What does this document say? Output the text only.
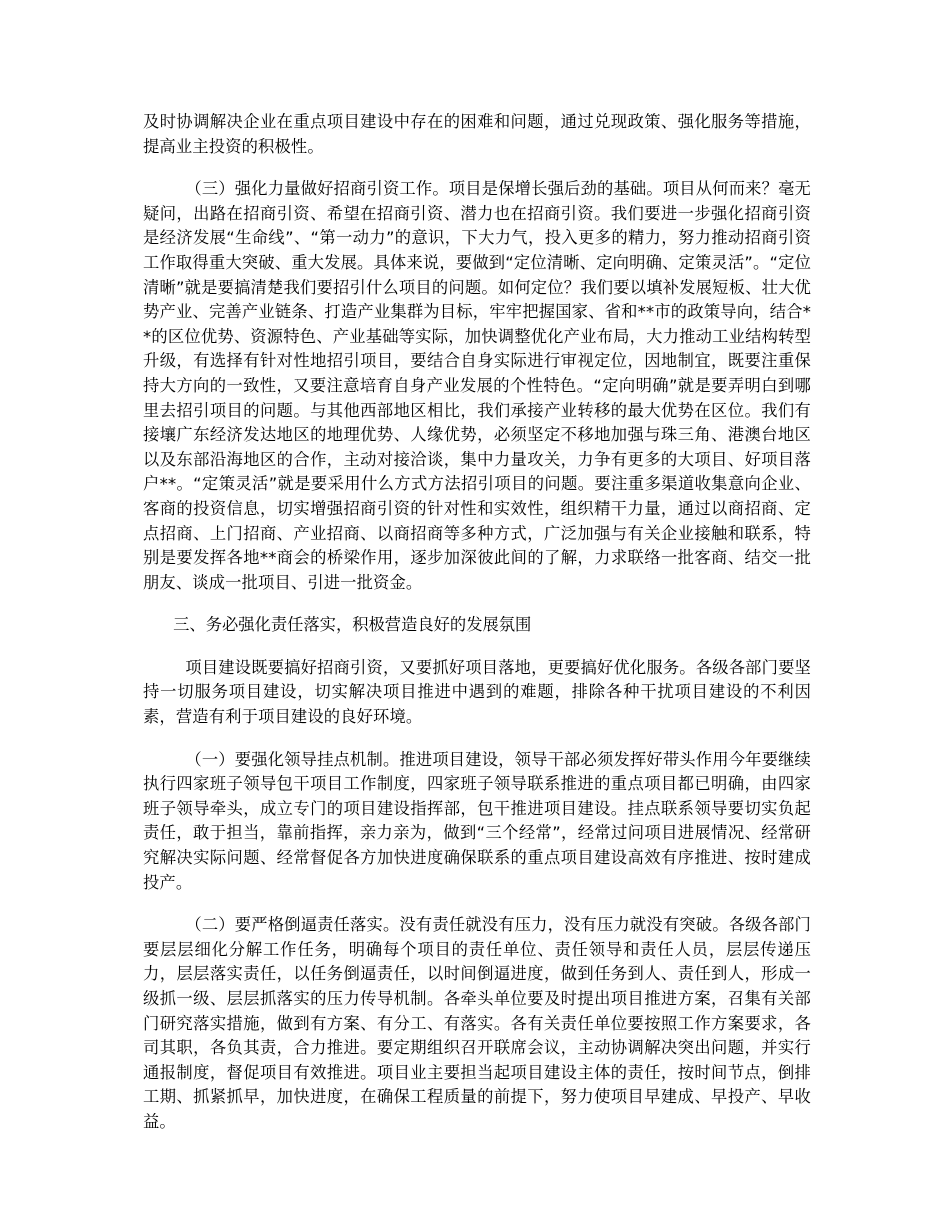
及时协调解决企业在重点项目建设中存在的困难和问题，通过兑现政策、强化服务等措施，提高业主投资的积极性。

（三）强化力量做好招商引资工作。项目是保增长强后劲的基础。项目从何而来？毫无疑问，出路在招商引资、希望在招商引资、潜力也在招商引资。我们要进一步强化招商引资是经济发展“生命线”、“第一动力”的意识，下大力气，投入更多的精力，努力推动招商引资工作取得重大突破、重大发展。具体来说，要做到“定位清晰、定向明确、定策灵活”。“定位清晰”就是要搞清楚我们要招引什么项目的问题。如何定位？我们要以填补发展短板、壮大优势产业、完善产业链条、打造产业集群为目标，牢牢把握国家、省和**市的政策导向，结合**的区位优势、资源特色、产业基础等实际，加快调整优化产业布局，大力推动工业结构转型升级，有选择有针对性地招引项目，要结合自身实际进行审视定位，因地制宜，既要注重保持大方向的一致性，又要注意培育自身产业发展的个性特色。“定向明确”就是要弄明白到哪里去招引项目的问题。与其他西部地区相比，我们承接产业转移的最大优势在区位。我们有接壤广东经济发达地区的地理优势、人缘优势，必须坚定不移地加强与珠三角、港澳台地区以及东部沿海地区的合作，主动对接洽谈，集中力量攻关，力争有更多的大项目、好项目落户**。“定策灵活”就是要采用什么方式方法招引项目的问题。要注重多渠道收集意向企业、客商的投资信息，切实增强招商引资的针对性和实效性，组织精干力量，通过以商招商、定点招商、上门招商、产业招商、以商招商等多种方式，广泛加强与有关企业接触和联系，特别是要发挥各地**商会的桥梁作用，逐步加深彼此间的了解，力求联络一批客商、结交一批朋友、谈成一批项目、引进一批资金。

三、务必强化责任落实，积极营造良好的发展氛围

项目建设既要搞好招商引资，又要抓好项目落地，更要搞好优化服务。各级各部门要坚持一切服务项目建设，切实解决项目推进中遇到的难题，排除各种干扰项目建设的不利因素，营造有利于项目建设的良好环境。

（一）要强化领导挂点机制。推进项目建设，领导干部必须发挥好带头作用今年要继续执行四家班子领导包干项目工作制度，四家班子领导联系推进的重点项目都已明确，由四家班子领导牵头，成立专门的项目建设指挥部，包干推进项目建设。挂点联系领导要切实负起责任，敢于担当，靠前指挥，亲力亲为，做到“三个经常”，经常过问项目进展情况、经常研究解决实际问题、经常督促各方加快进度确保联系的重点项目建设高效有序推进、按时建成投产。

（二）要严格倒逼责任落实。没有责任就没有压力，没有压力就没有突破。各级各部门要层层细化分解工作任务，明确每个项目的责任单位、责任领导和责任人员，层层传递压力，层层落实责任，以任务倒逼责任，以时间倒逼进度，做到任务到人、责任到人，形成一级抓一级、层层抓落实的压力传导机制。各牵头单位要及时提出项目推进方案，召集有关部门研究落实措施，做到有方案、有分工、有落实。各有关责任单位要按照工作方案要求，各司其职，各负其责，合力推进。要定期组织召开联席会议，主动协调解决突出问题，并实行通报制度，督促项目有效推进。项目业主要担当起项目建设主体的责任，按时间节点，倒排工期、抓紧抓早，加快进度，在确保工程质量的前提下，努力使项目早建成、早投产、早收益。
